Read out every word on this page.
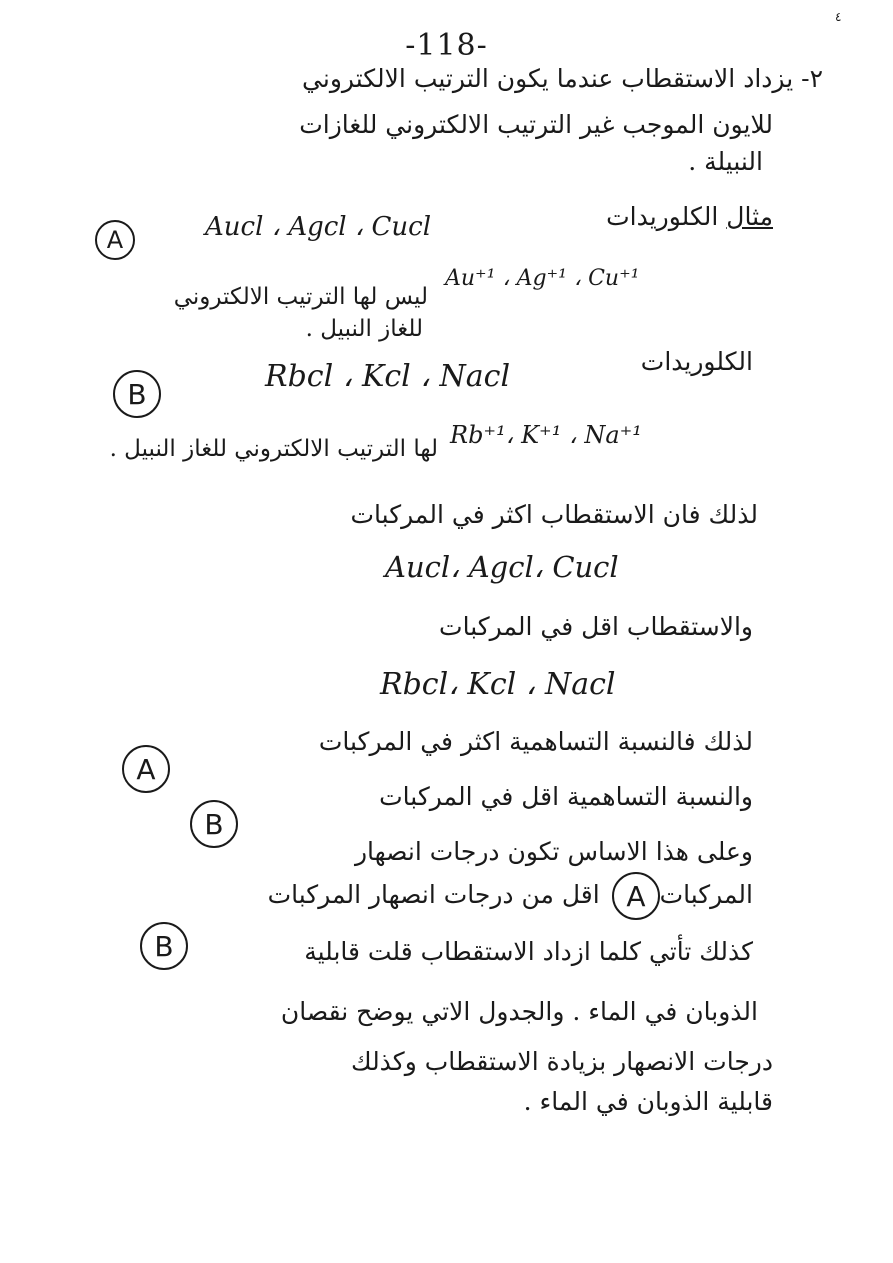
٤
-118-
٢- يزداد الاستقطاب عندما يكون الترتيب الالكتروني
للايون الموجب غير الترتيب الالكتروني للغازات
النبيلة .
مثال الكلوريدات
Aucl ، Agcl ، Cucl
A
Au⁺¹ ، Ag⁺¹ ، Cu⁺¹
ليس لها الترتيب الالكتروني
للغاز النبيل .
الكلوريدات
Rbcl ، Kcl ، Nacl
B
Rb⁺¹، K⁺¹ ، Na⁺¹
لها الترتيب الالكتروني للغاز النبيل .
لذلك فان الاستقطاب اكثر في المركبات
Aucl، Agcl، Cucl
والاستقطاب اقل في المركبات
Rbcl، Kcl ، Nacl
لذلك فالنسبة التساهمية اكثر في المركبات
A
والنسبة التساهمية اقل في المركبات
B
وعلى هذا الاساس تكون درجات انصهار
المركبات  اقل من درجات انصهار المركبات A
B	كذلك تأتي كلما ازداد الاستقطاب قلت قابلية
الذوبان في الماء . والجدول الاتي يوضح نقصان
درجات الانصهار بزيادة الاستقطاب وكذلك
قابلية الذوبان في الماء .
